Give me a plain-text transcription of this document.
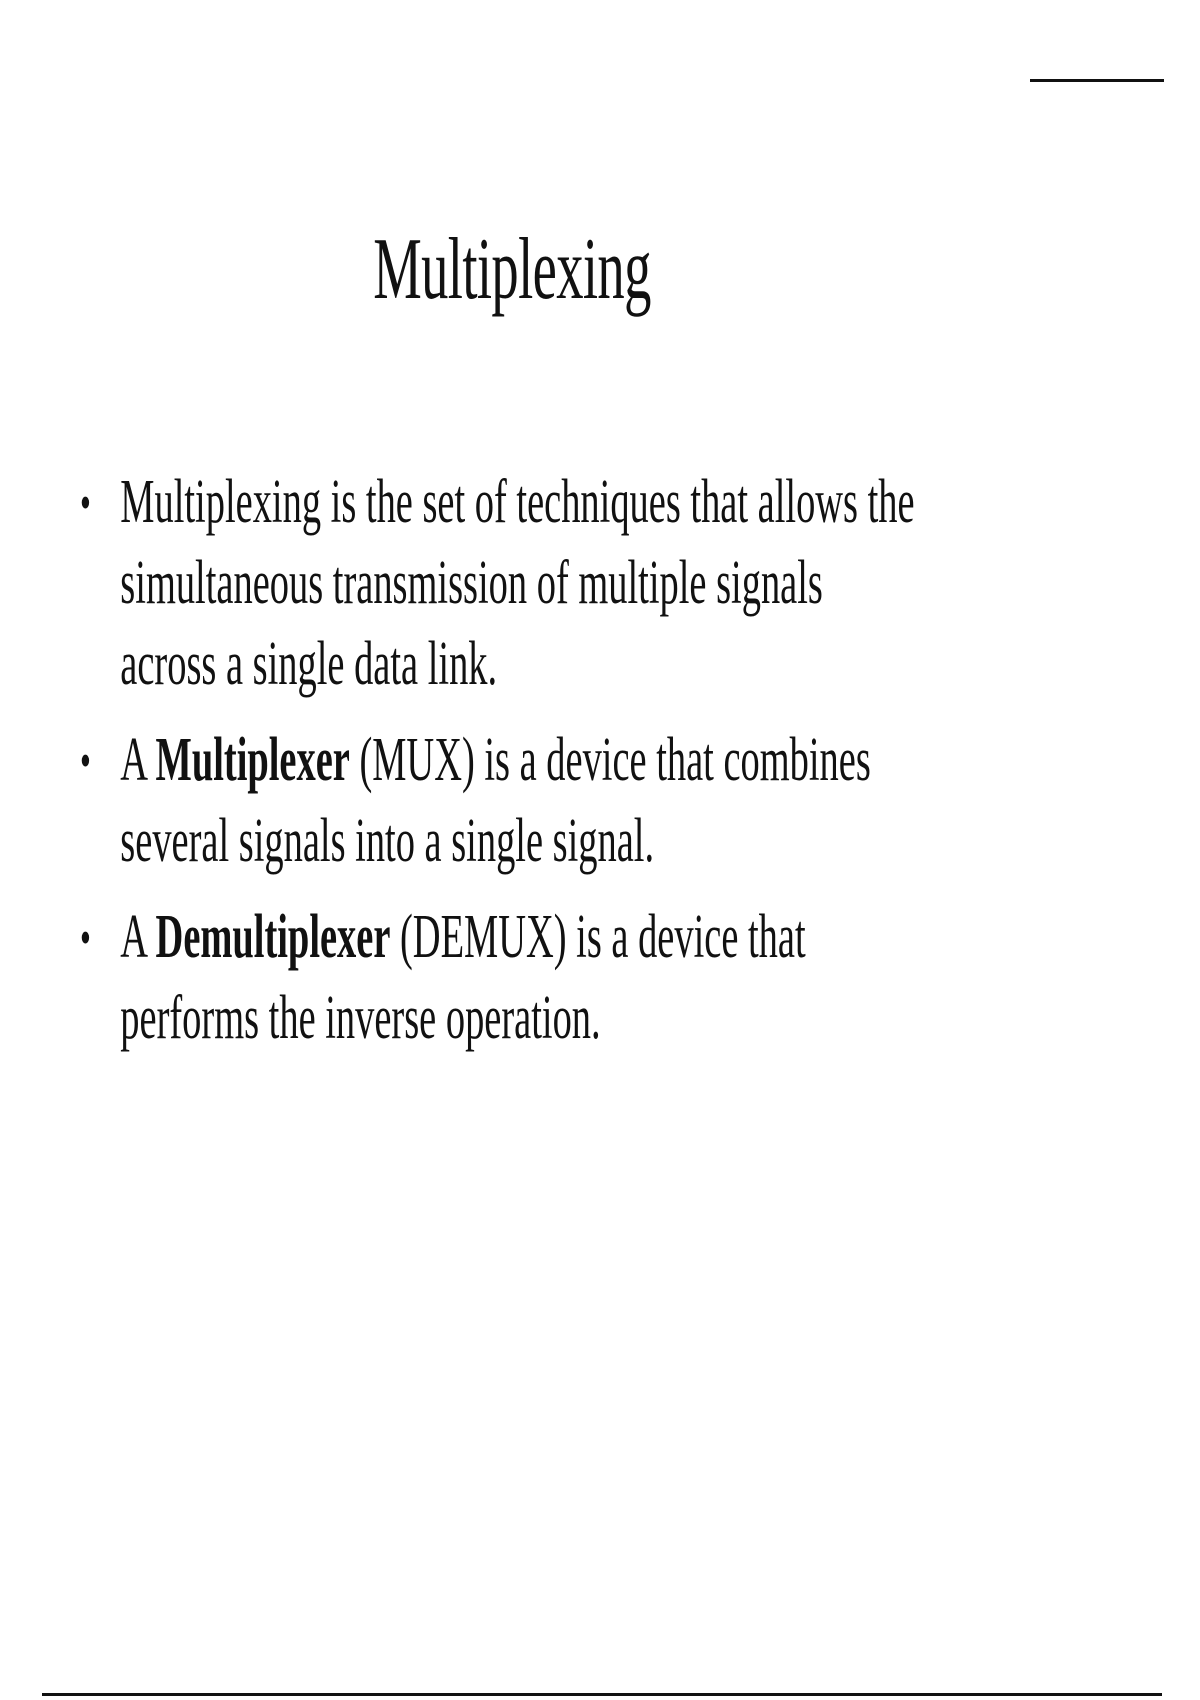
Multiplexing
• Multiplexing is the set of techniques that allows the simultaneous transmission of multiple signals across a single data link.
• A Multiplexer (MUX) is a device that combines several signals into a single signal.
• A Demultiplexer (DEMUX) is a device that performs the inverse operation.
